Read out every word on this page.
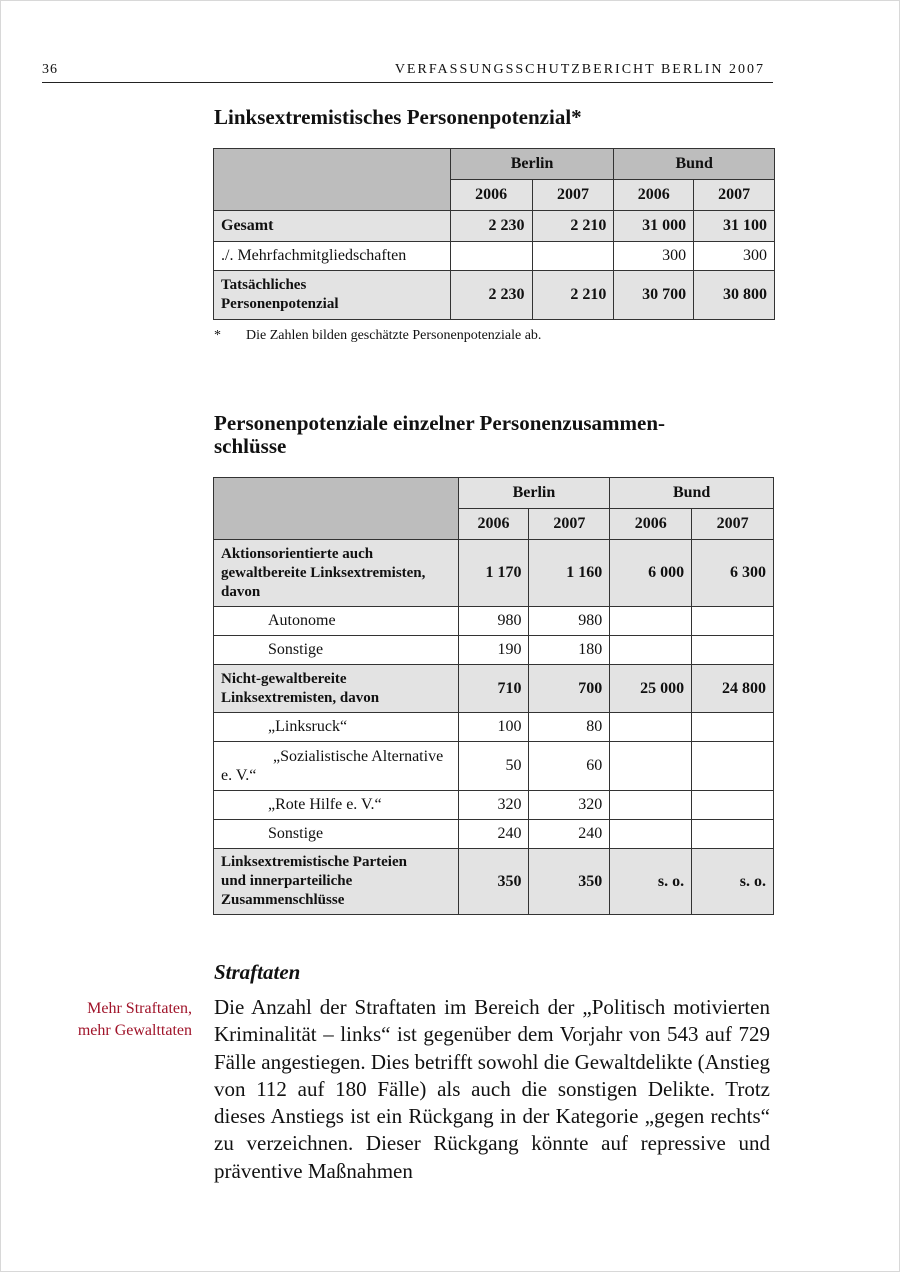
36	VERFASSUNGSSCHUTZBERICHT BERLIN 2007
Linksextremistisches Personenpotenzial*
	Berlin		Bund	
	2006	2007	2006	2007
Gesamt	2 230	2 210	31 000	31 100
./. Mehrfachmitgliedschaften			300	300
Tatsächliches
Personenpotenzial	2 230	2 210	30 700	30 800
* Die Zahlen bilden geschätzte Personenpotenziale ab.
Personenpotenziale einzelner Personenzusammen-
schlüsse
	Berlin		Bund	
	2006	2007	2006	2007
Aktionsorientierte auch
gewaltbereite Linksextremisten,
davon	1 170	1 160	6 000	6 300
Autonome	980	980		
Sonstige	190	180		
Nicht-gewaltbereite
Linksextremisten, davon	710	700	25 000	24 800
„Linksruck“	100	80		
„Sozialistische Alternative
e. V.“	50	60		
„Rote Hilfe e. V.“	320	320		
Sonstige	240	240		
Linksextremistische Parteien
und innerparteiliche
Zusammenschlüsse	350	350	s. o.	s. o.
Straftaten
Mehr Straftaten,
mehr Gewalttaten

Die Anzahl der Straftaten im Bereich der „Politisch motivierten Kriminalität – links“ ist gegenüber dem Vorjahr von 543 auf 729 Fälle angestiegen. Dies betrifft sowohl die Gewaltdelikte (Anstieg von 112 auf 180 Fälle) als auch die sonstigen Delikte. Trotz dieses Anstiegs ist ein Rückgang in der Kategorie „gegen rechts“ zu verzeichnen. Dieser Rückgang könnte auf repressive und präventive Maßnahmen
